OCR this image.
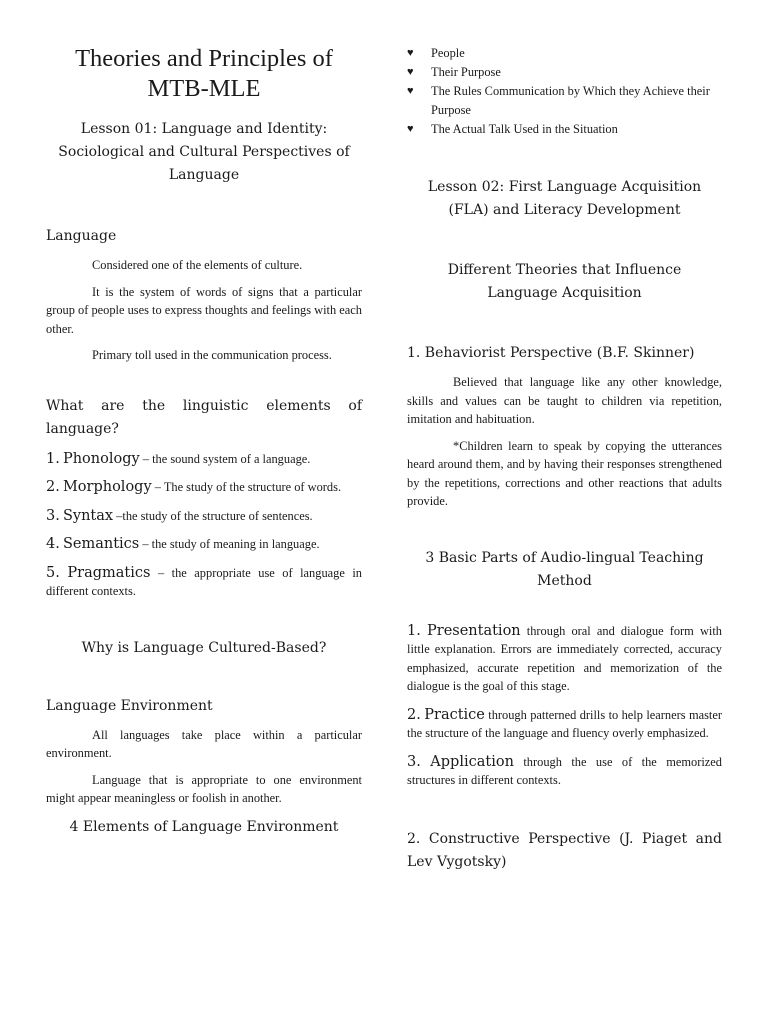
Theories and Principles of MTB-MLE

Lesson 01: Language and Identity: Sociological and Cultural Perspectives of Language

Language

Considered one of the elements of culture.

It is the system of words of signs that a particular group of people uses to express thoughts and feelings with each other.

Primary toll used in the communication process.

What are the linguistic elements of language?

1. Phonology – the sound system of a language.

2. Morphology – The study of the structure of words.

3. Syntax –the study of the structure of sentences.

4. Semantics – the study of meaning in language.

5. Pragmatics – the appropriate use of language in different contexts.

Why is Language Cultured-Based?
Language Environment

All languages take place within a particular environment.

Language that is appropriate to one environment might appear meaningless or foolish in another.

4 Elements of Language Environment
♥ People
♥ Their Purpose
♥ The Rules Communication by Which they Achieve their Purpose
♥ The Actual Talk Used in the Situation

Lesson 02: First Language Acquisition (FLA) and Literacy Development

Different Theories that Influence Language Acquisition
1. Behaviorist Perspective (B.F. Skinner)

Believed that language like any other knowledge, skills and values can be taught to children via repetition, imitation and habituation.

*Children learn to speak by copying the utterances heard around them, and by having their responses strengthened by the repetitions, corrections and other reactions that adults provide.

3 Basic Parts of Audio-lingual Teaching Method

1. Presentation through oral and dialogue form with little explanation. Errors are immediately corrected, accuracy emphasized, accurate repetition and memorization of the dialogue is the goal of this stage.

2. Practice through patterned drills to help learners master the structure of the language and fluency overly emphasized.

3. Application through the use of the memorized structures in different contexts.

2. Constructive Perspective (J. Piaget and Lev Vygotsky)
